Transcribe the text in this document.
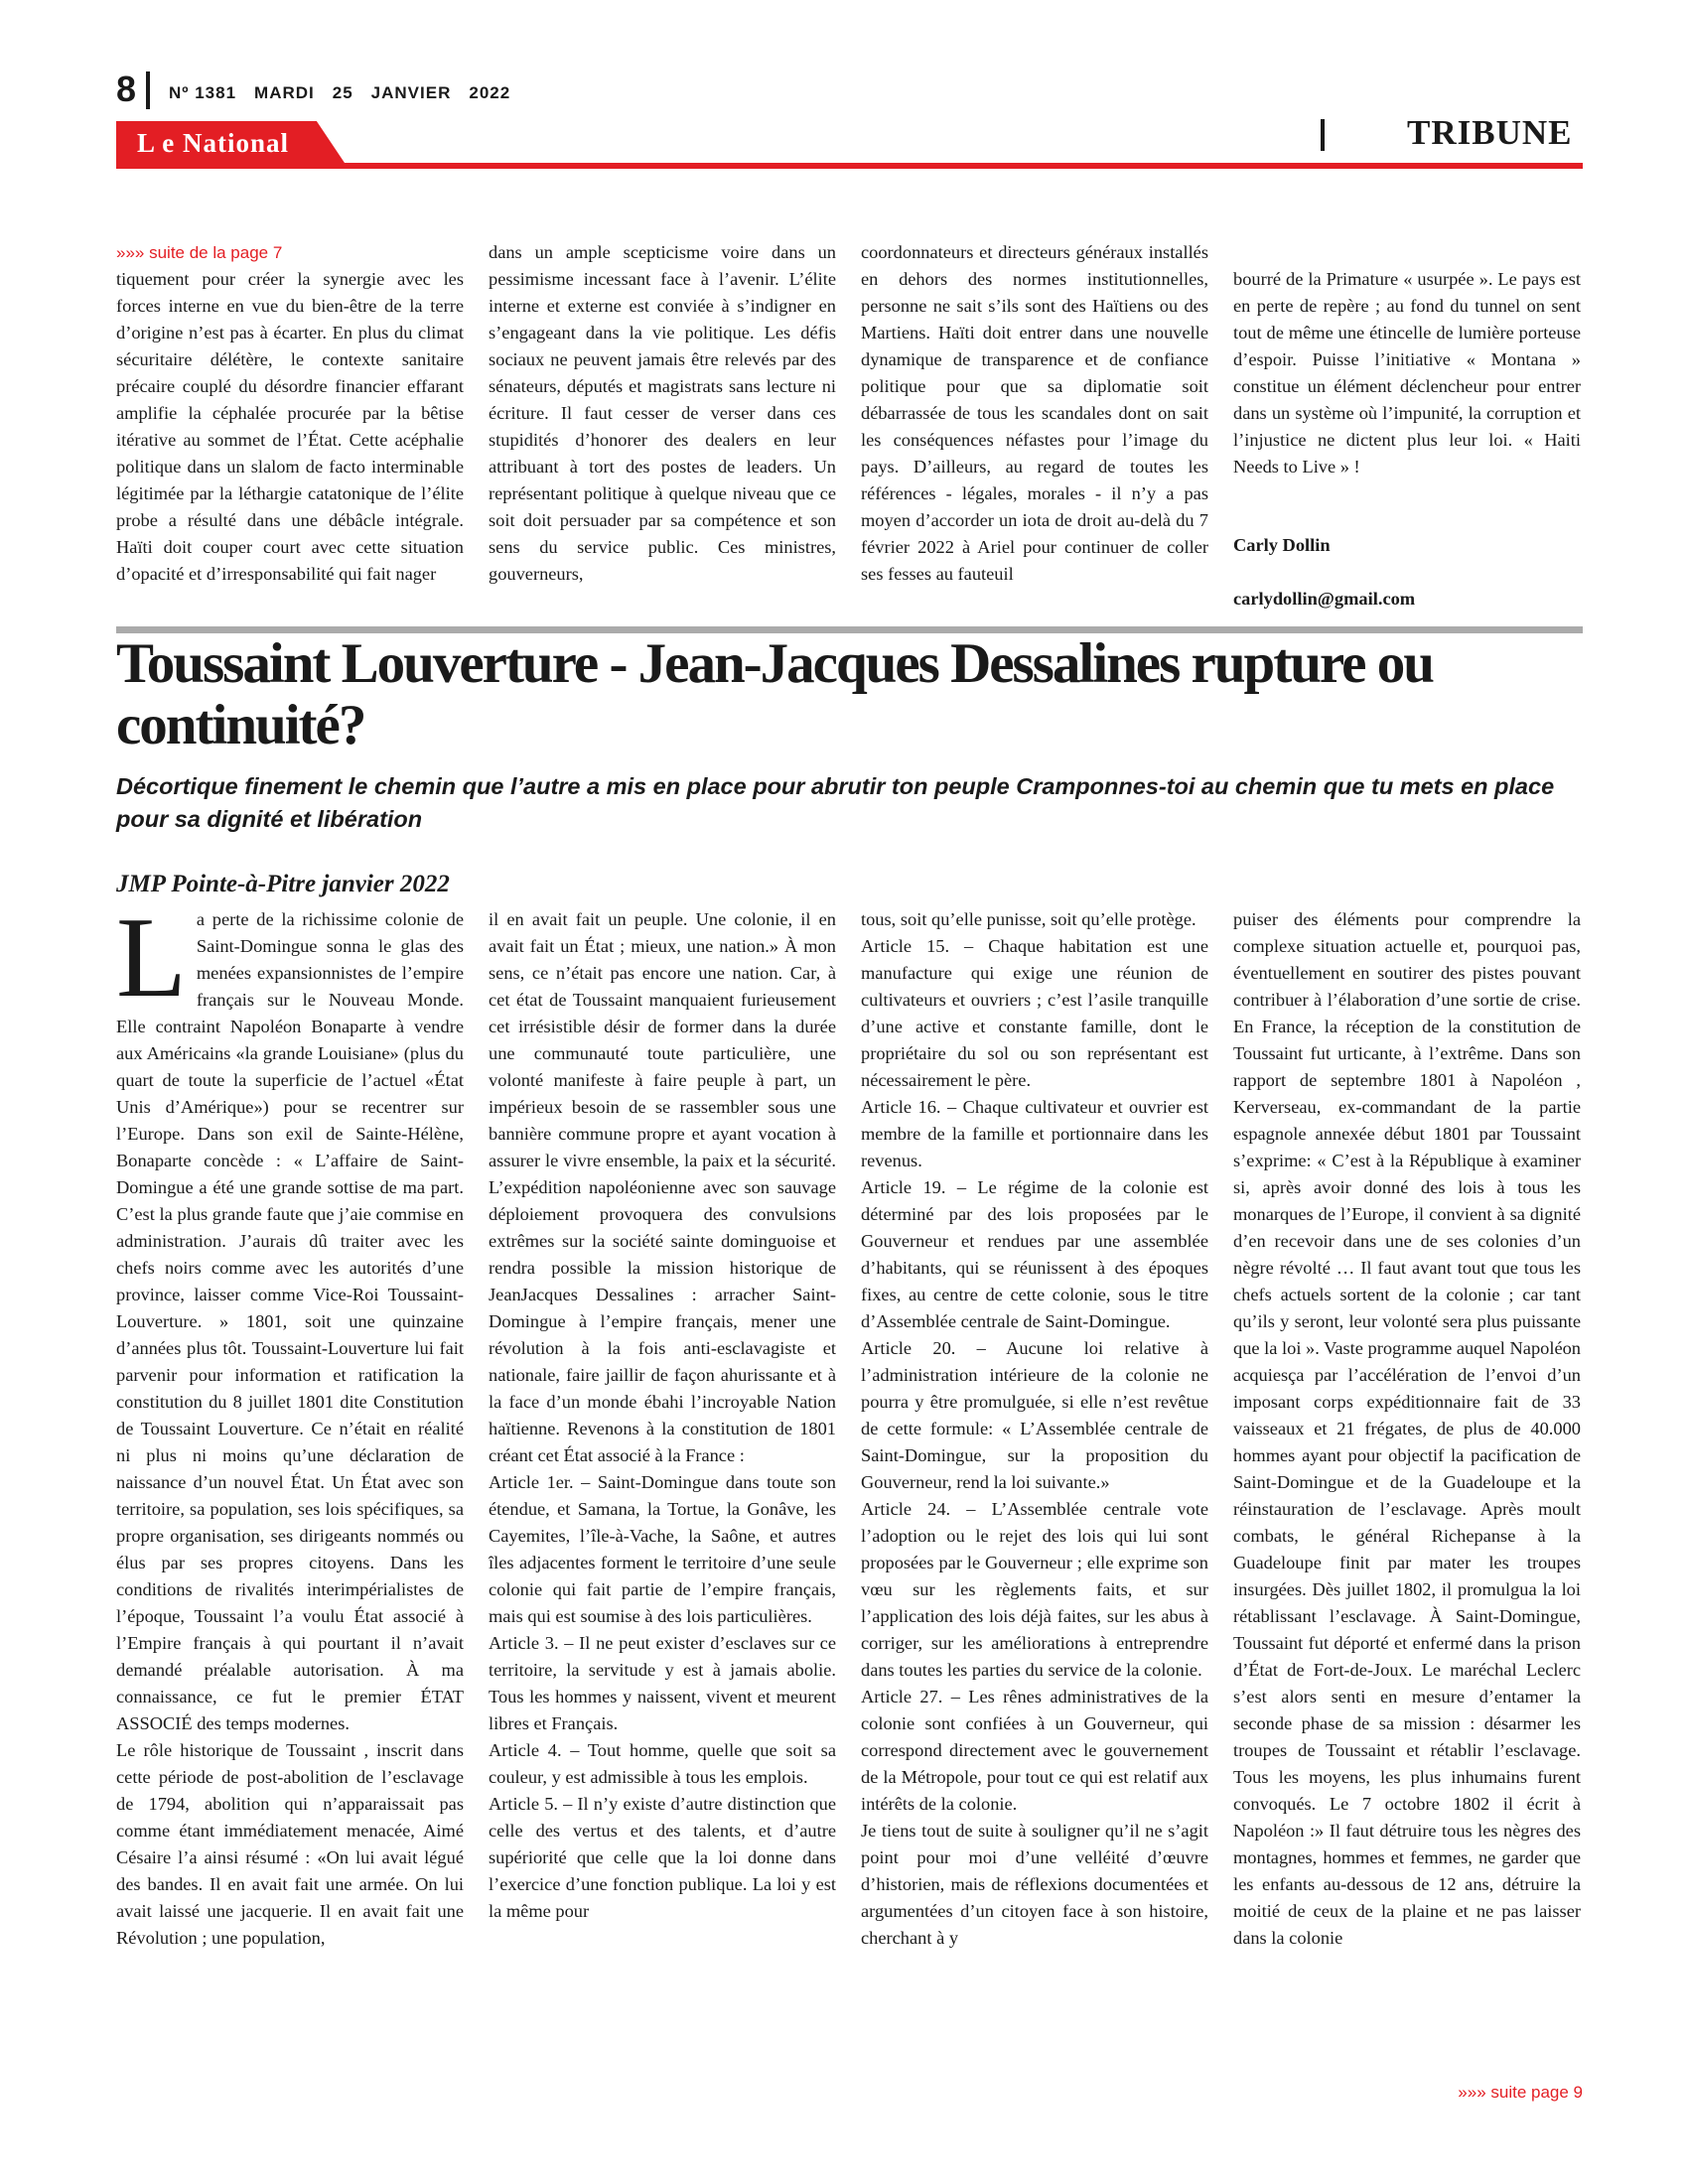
8 Nº 1381 MARDI 25 JANVIER 2022
L e National	TRIBUNE
»»» suite de la page 7
tiquement pour créer la synergie avec les forces interne en vue du bien-être de la terre d’origine n’est pas à écarter. En plus du climat sécuritaire délétère, le contexte sanitaire précaire couplé du désordre financier effarant amplifie la céphalée procurée par la bêtise itérative au sommet de l’État. Cette acéphalie politique dans un slalom de facto interminable légitimée par la léthargie catatonique de l’élite probe a résulté dans une débâcle intégrale. Haïti doit couper court avec cette situation d’opacité et d’irresponsabilité qui fait nager
dans un ample scepticisme voire dans un pessimisme incessant face à l’avenir. L’élite interne et externe est conviée à s’indigner en s’engageant dans la vie politique. Les défis sociaux ne peuvent jamais être relevés par des sénateurs, députés et magistrats sans lecture ni écriture. Il faut cesser de verser dans ces stupidités d’honorer des dealers en leur attribuant à tort des postes de leaders. Un représentant politique à quelque niveau que ce soit doit persuader par sa compétence et son sens du service public. Ces ministres, gouverneurs,
coordonnateurs et directeurs généraux installés en dehors des normes institutionnelles, personne ne sait s’ils sont des Haïtiens ou des Martiens. Haïti doit entrer dans une nouvelle dynamique de transparence et de confiance politique pour que sa diplomatie soit débarrassée de tous les scandales dont on sait les conséquences néfastes pour l’image du pays. D’ailleurs, au regard de toutes les références - légales, morales - il n’y a pas moyen d’accorder un iota de droit au-delà du 7 février 2022 à Ariel pour continuer de coller ses fesses au fauteuil

bourré de la Primature « usurpée ». Le pays est en perte de repère ; au fond du tunnel on sent tout de même une étincelle de lumière porteuse d’espoir. Puisse l’initiative « Montana » constitue un élément déclencheur pour entrer dans un système où l’impunité, la corruption et l’injustice ne dictent plus leur loi. « Haiti Needs to Live » !

Carly Dollin

carlydollin@gmail.com

Toussaint Louverture - Jean-Jacques Dessalines rupture ou continuité?
Décortique finement le chemin que l’autre a mis en place pour abrutir ton peuple Cramponnes-toi au chemin que tu mets en place pour sa dignité et libération
JMP Pointe-à-Pitre janvier 2022
La perte de la richissime colonie de Saint-Domingue sonna le glas des menées expansionnistes de l’empire français sur le Nouveau Monde. Elle contraint Napoléon Bonaparte à vendre aux Américains «la grande Louisiane» (plus du quart de toute la superficie de l’actuel «État Unis d’Amérique») pour se recentrer sur l’Europe. Dans son exil de Sainte-Hélène, Bonaparte concède : « L’affaire de Saint-Domingue a été une grande sottise de ma part. C’est la plus grande faute que j’aie commise en administration. J’aurais dû traiter avec les chefs noirs comme avec les autorités d’une province, laisser comme Vice-Roi Toussaint-Louverture. » 1801, soit une quinzaine d’années plus tôt. Toussaint-Louverture lui fait parvenir pour information et ratification la constitution du 8 juillet 1801 dite Constitution de Toussaint Louverture. Ce n’était en réalité ni plus ni moins qu’une déclaration de naissance d’un nouvel État. Un État avec son territoire, sa population, ses lois spécifiques, sa propre organisation, ses dirigeants nommés ou élus par ses propres citoyens. Dans les conditions de rivalités interimpérialistes de l’époque, Toussaint l’a voulu État associé à l’Empire français à qui pourtant il n’avait demandé préalable autorisation. À ma connaissance, ce fut le premier ÉTAT ASSOCIÉ des temps modernes.
Le rôle historique de Toussaint , inscrit dans cette période de post-abolition de l’esclavage de 1794, abolition qui n’apparaissait pas comme étant immédiatement menacée, Aimé Césaire l’a ainsi résumé : «On lui avait légué des bandes. Il en avait fait une armée. On lui avait laissé une jacquerie. Il en avait fait une Révolution ; une population,
il en avait fait un peuple. Une colonie, il en avait fait un État ; mieux, une nation.» À mon sens, ce n’était pas encore une nation. Car, à cet état de Toussaint manquaient furieusement cet irrésistible désir de former dans la durée une communauté toute particulière, une volonté manifeste à faire peuple à part, un impérieux besoin de se rassembler sous une bannière commune propre et ayant vocation à assurer le vivre ensemble, la paix et la sécurité. L’expédition napoléonienne avec son sauvage déploiement provoquera des convulsions extrêmes sur la société sainte dominguoise et rendra possible la mission historique de JeanJacques Dessalines : arracher Saint-Domingue à l’empire français, mener une révolution à la fois anti-esclavagiste et nationale, faire jaillir de façon ahurissante et à la face d’un monde ébahi l’incroyable Nation haïtienne. Revenons à la constitution de 1801 créant cet État associé à la France :
Article 1er. – Saint-Domingue dans toute son étendue, et Samana, la Tortue, la Gonâve, les Cayemites, l’île-à-Vache, la Saône, et autres îles adjacentes forment le territoire d’une seule colonie qui fait partie de l’empire français, mais qui est soumise à des lois particulières.
Article 3. – Il ne peut exister d’esclaves sur ce territoire, la servitude y est à jamais abolie. Tous les hommes y naissent, vivent et meurent libres et Français.
Article 4. – Tout homme, quelle que soit sa couleur, y est admissible à tous les emplois.
Article 5. – Il n’y existe d’autre distinction que celle des vertus et des talents, et d’autre supériorité que celle que la loi donne dans l’exercice d’une fonction publique. La loi y est la même pour
tous, soit qu’elle punisse, soit qu’elle protège.
Article 15. – Chaque habitation est une manufacture qui exige une réunion de cultivateurs et ouvriers ; c’est l’asile tranquille d’une active et constante famille, dont le propriétaire du sol ou son représentant est nécessairement le père.
Article 16. – Chaque cultivateur et ouvrier est membre de la famille et portionnaire dans les revenus.
Article 19. – Le régime de la colonie est déterminé par des lois proposées par le Gouverneur et rendues par une assemblée d’habitants, qui se réunissent à des époques fixes, au centre de cette colonie, sous le titre d’Assemblée centrale de Saint-Domingue.
Article 20. – Aucune loi relative à l’administration intérieure de la colonie ne pourra y être promulguée, si elle n’est revêtue de cette formule: « L’Assemblée centrale de Saint-Domingue, sur la proposition du Gouverneur, rend la loi suivante.»
Article 24. – L’Assemblée centrale vote l’adoption ou le rejet des lois qui lui sont proposées par le Gouverneur ; elle exprime son vœu sur les règlements faits, et sur l’application des lois déjà faites, sur les abus à corriger, sur les améliorations à entreprendre dans toutes les parties du service de la colonie.
Article 27. – Les rênes administratives de la colonie sont confiées à un Gouverneur, qui correspond directement avec le gouvernement de la Métropole, pour tout ce qui est relatif aux intérêts de la colonie.
Je tiens tout de suite à souligner qu’il ne s’agit point pour moi d’une velléité d’œuvre d’historien, mais de réflexions documentées et argumentées d’un citoyen face à son histoire, cherchant à y
puiser des éléments pour comprendre la complexe situation actuelle et, pourquoi pas, éventuellement en soutirer des pistes pouvant contribuer à l’élaboration d’une sortie de crise. En France, la réception de la constitution de Toussaint fut urticante, à l’extrême. Dans son rapport de septembre 1801 à Napoléon , Kerverseau, ex-commandant de la partie espagnole annexée début 1801 par Toussaint s’exprime: « C’est à la République à examiner si, après avoir donné des lois à tous les monarques de l’Europe, il convient à sa dignité d’en recevoir dans une de ses colonies d’un nègre révolté … Il faut avant tout que tous les chefs actuels sortent de la colonie ; car tant qu’ils y seront, leur volonté sera plus puissante que la loi ». Vaste programme auquel Napoléon acquiesça par l’accélération de l’envoi d’un imposant corps expéditionnaire fait de 33 vaisseaux et 21 frégates, de plus de 40.000 hommes ayant pour objectif la pacification de Saint-Domingue et de la Guadeloupe et la réinstauration de l’esclavage. Après moult combats, le général Richepanse à la Guadeloupe finit par mater les troupes insurgées. Dès juillet 1802, il promulgua la loi rétablissant l’esclavage. À Saint-Domingue, Toussaint fut déporté et enfermé dans la prison d’État de Fort-de-Joux. Le maréchal Leclerc s’est alors senti en mesure d’entamer la seconde phase de sa mission : désarmer les troupes de Toussaint et rétablir l’esclavage. Tous les moyens, les plus inhumains furent convoqués. Le 7 octobre 1802 il écrit à Napoléon :» Il faut détruire tous les nègres des montagnes, hommes et femmes, ne garder que les enfants au-dessous de 12 ans, détruire la moitié de ceux de la plaine et ne pas laisser dans la colonie
»»» suite page 9
